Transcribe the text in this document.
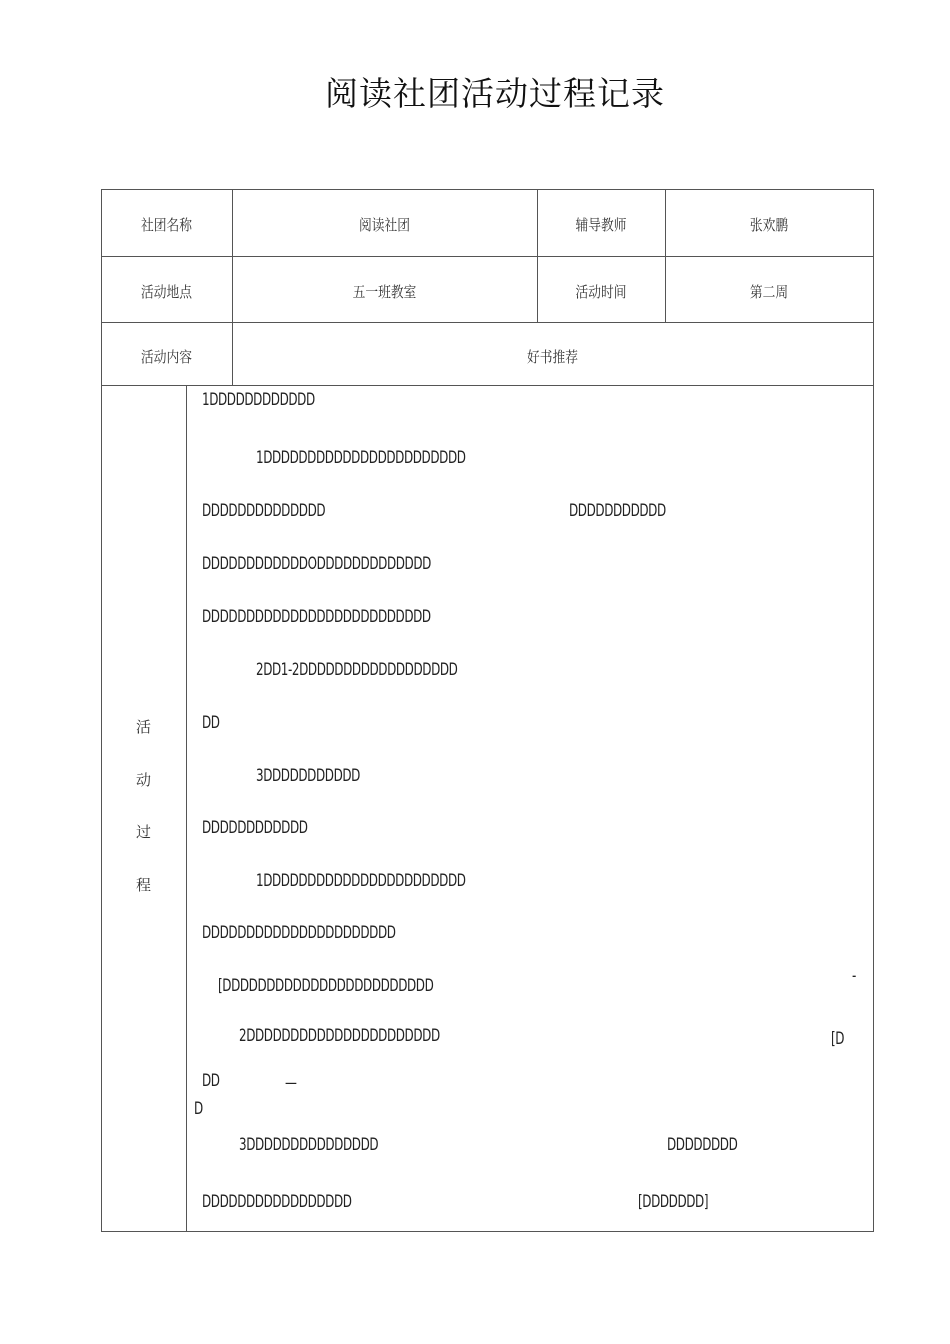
阅读社团活动过程记录
社团名称	阅读社团	辅导教师	张欢鹏
活动地点	五一班教室	活动时间	第二周
活动内容	好书推荐
活
动
过
程
1DDDDDDDDDDDD
1DDDDDDDDDDDDDDDDDDDDDDD
DDDDDDDDDDDDDD	DDDDDDDDDDD
DDDDDDDDDDDDODDDDDDDDDDDDD
DDDDDDDDDDDDDDDDDDDDDDDDDD
2DD1-2DDDDDDDDDDDDDDDDDD
DD
3DDDDDDDDDDD
DDDDDDDDDDDD
1DDDDDDDDDDDDDDDDDDDDDDD
DDDDDDDDDDDDDDDDDDDDDD
[DDDDDDDDDDDDDDDDDDDDDDDD	-
2DDDDDDDDDDDDDDDDDDDDDD	[D
DD	—
D
3DDDDDDDDDDDDDDD	DDDDDDDD
DDDDDDDDDDDDDDDDD	[DDDDDDD]
